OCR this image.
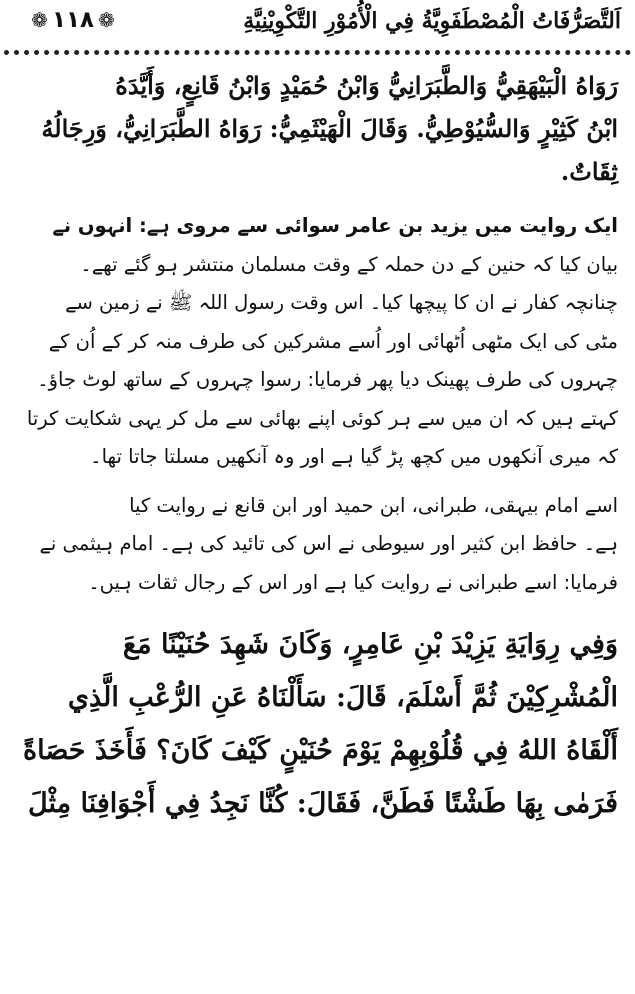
اَلتَّصَرُّفَاتُ الْمُصْطَفَوِيَّةُ فِي الْأُمُوْرِ التَّكْوِيْنِيَّةِ
❁
۱۱۸
❁
رَوَاهُ الْبَيْهَقِيُّ وَالطَّبَرَانِيُّ وَابْنُ حُمَيْدٍ وَابْنُ قَانِعٍ، وَأَيَّدَهُ
ابْنُ كَثِيْرٍ وَالسُّيُوْطِيُّ. وَقَالَ الْهَيْثَمِيُّ: رَوَاهُ الطَّبَرَانِيُّ، وَرِجَالُهُ
ثِقَاتٌ.
ایک روایت میں یزید بن عامر سوائی سے مروی ہے: انہوں نے
بیان کیا کہ حنین کے دن حملہ کے وقت مسلمان منتشر ہو گئے تھے۔
چنانچہ کفار نے ان کا پیچھا کیا۔ اس وقت رسول اللہ ﷺ نے زمین سے
مٹی کی ایک مٹھی اُٹھائی اور اُسے مشرکین کی طرف منہ کر کے اُن کے
چہروں کی طرف پھینک دیا پھر فرمایا: رسوا چہروں کے ساتھ لوٹ جاؤ۔
کہتے ہیں کہ ان میں سے ہر کوئی اپنے بھائی سے مل کر یہی شکایت کرتا
کہ میری آنکھوں میں کچھ پڑ گیا ہے اور وہ آنکھیں مسلتا جاتا تھا۔
اسے امام بیہقی، طبرانی، ابن حمید اور ابن قانع نے روایت کیا
ہے۔ حافظ ابن کثیر اور سیوطی نے اس کی تائید کی ہے۔ امام ہیثمی نے
فرمایا: اسے طبرانی نے روایت کیا ہے اور اس کے رجال ثقات ہیں۔
وَفِي رِوَايَةِ يَزِيْدَ بْنِ عَامِرٍ، وَكَانَ شَهِدَ حُنَيْنًا مَعَ
الْمُشْرِكِيْنَ ثُمَّ أَسْلَمَ، قَالَ: سَأَلْنَاهُ عَنِ الرُّعْبِ الَّذِي
أَلْقَاهُ اللهُ فِي قُلُوْبِهِمْ يَوْمَ حُنَيْنٍ كَيْفَ كَانَ؟ فَأَخَذَ حَصَاةً
فَرَمٰى بِهَا طَشْتًا فَطَنَّ، فَقَالَ: كُنَّا نَجِدُ فِي أَجْوَافِنَا مِثْلَ
